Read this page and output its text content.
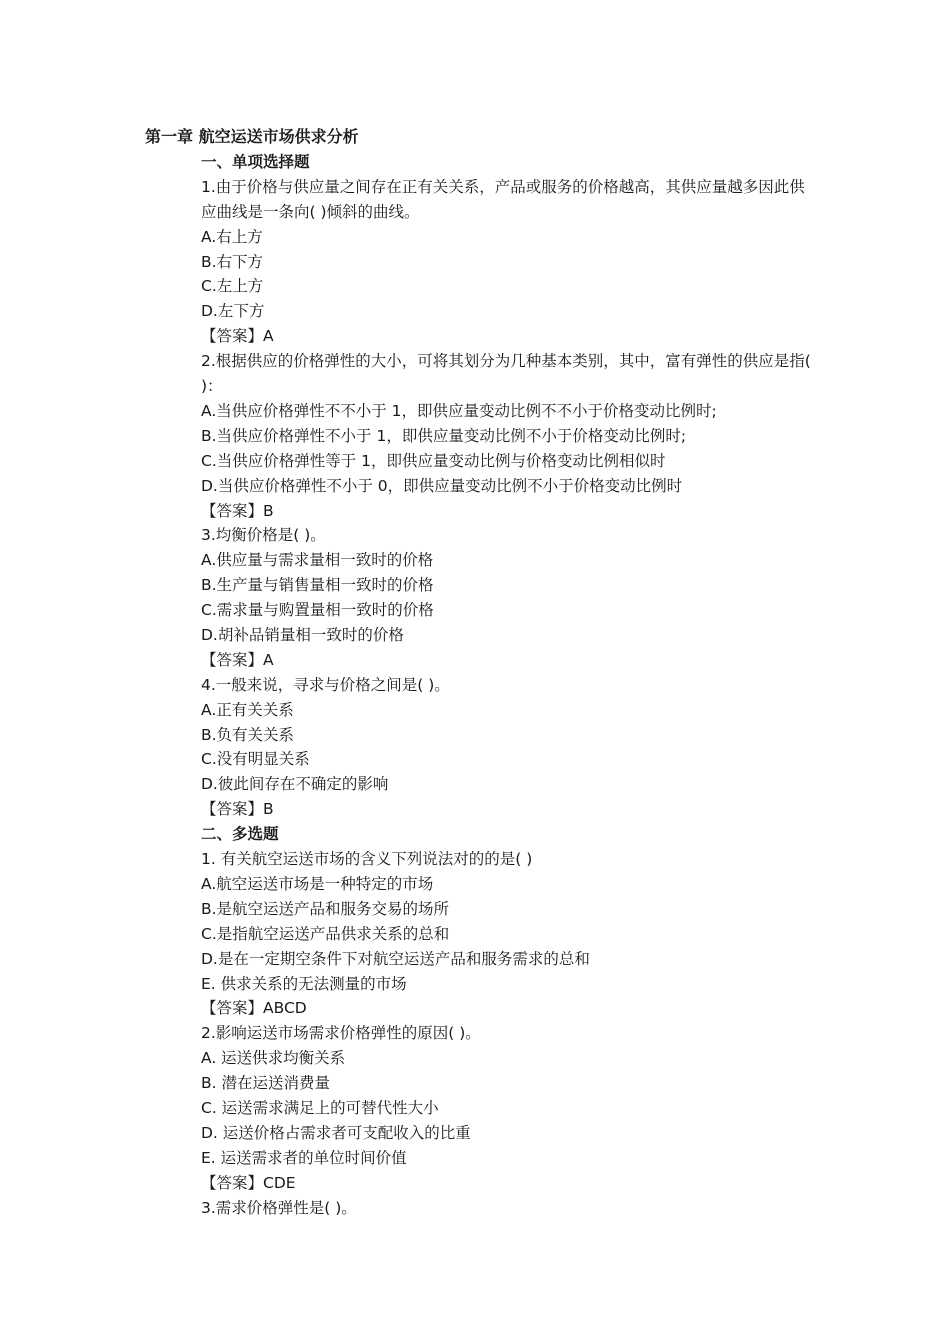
第一章 航空运送市场供求分析
一、单项选择题
1.由于价格与供应量之间存在正有关关系，产品或服务的价格越高，其供应量越多因此供应曲线是一条向( )倾斜的曲线。
A.右上方
B.右下方
C.左上方
D.左下方
【答案】A
2.根据供应的价格弹性的大小，可将其划分为几种基本类别，其中，富有弹性的供应是指( )：
A.当供应价格弹性不不小于 1，即供应量变动比例不不小于价格变动比例时;
B.当供应价格弹性不小于 1，即供应量变动比例不小于价格变动比例时;
C.当供应价格弹性等于 1，即供应量变动比例与价格变动比例相似时
D.当供应价格弹性不小于 0，即供应量变动比例不小于价格变动比例时
【答案】B
3.均衡价格是( )。
A.供应量与需求量相一致时的价格
B.生产量与销售量相一致时的价格
C.需求量与购置量相一致时的价格
D.胡补品销量相一致时的价格
【答案】A
4.一般来说，寻求与价格之间是( )。
A.正有关关系
B.负有关关系
C.没有明显关系
D.彼此间存在不确定的影响
【答案】B
二、多选题
1. 有关航空运送市场的含义下列说法对的的是( )
A.航空运送市场是一种特定的市场
B.是航空运送产品和服务交易的场所
C.是指航空运送产品供求关系的总和
D.是在一定期空条件下对航空运送产品和服务需求的总和
E. 供求关系的无法测量的市场
【答案】ABCD
2.影响运送市场需求价格弹性的原因( )。
A. 运送供求均衡关系
B. 潜在运送消费量
C. 运送需求满足上的可替代性大小
D. 运送价格占需求者可支配收入的比重
E. 运送需求者的单位时间价值
【答案】CDE
3.需求价格弹性是( )。
